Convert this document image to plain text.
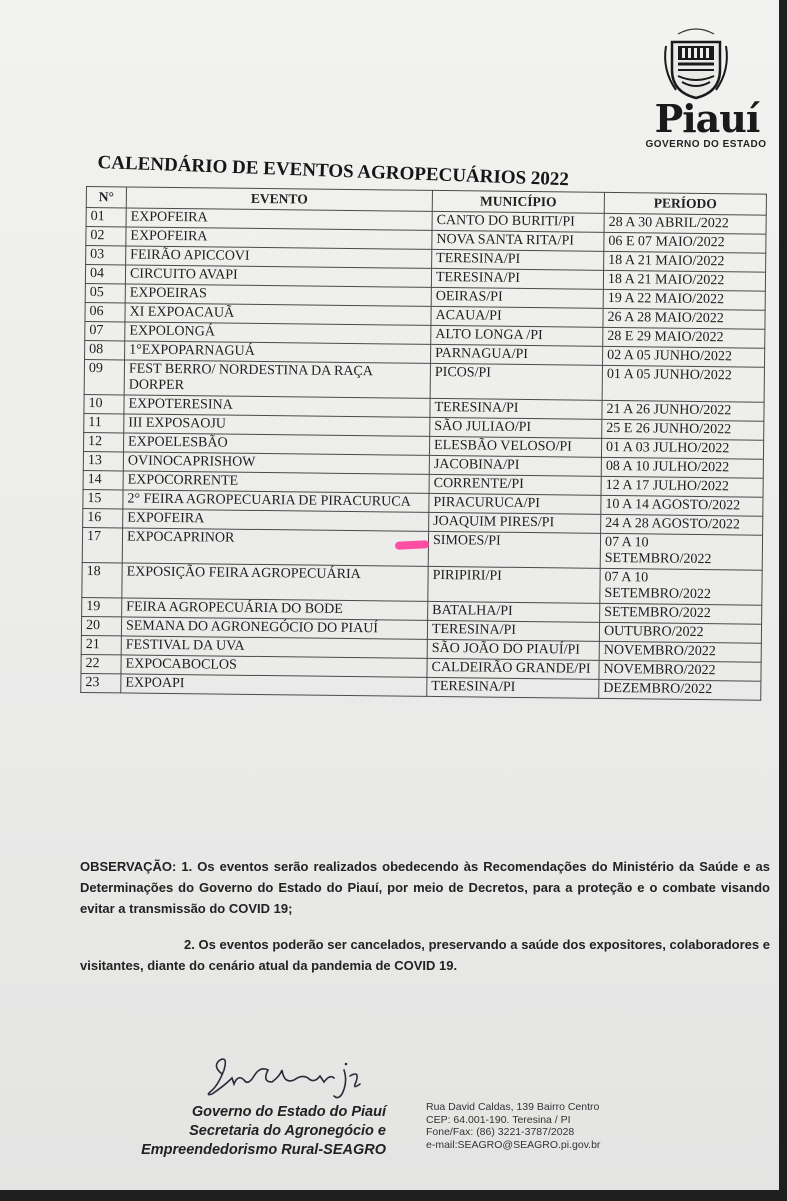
Piauí
GOVERNO DO ESTADO
CALENDÁRIO DE EVENTOS AGROPECUÁRIOS 2022
N°	EVENTO	MUNICÍPIO	PERÍODO
01	EXPOFEIRA	CANTO DO BURITI/PI	28 A 30 ABRIL/2022
02	EXPOFEIRA	NOVA SANTA RITA/PI	06 E 07 MAIO/2022
03	FEIRÃO APICCOVI	TERESINA/PI	18 A 21 MAIO/2022
04	CIRCUITO AVAPI	TERESINA/PI	18 A 21 MAIO/2022
05	EXPOEIRAS	OEIRAS/PI	19 A 22 MAIO/2022
06	XI EXPOACAUÃ	ACAUA/PI	26 A 28 MAIO/2022
07	EXPOLONGÁ	ALTO LONGA /PI	28 E 29 MAIO/2022
08	1°EXPOPARNAGUÁ	PARNAGUA/PI	02 A 05 JUNHO/2022
09	FEST BERRO/ NORDESTINA DA RAÇA DORPER	PICOS/PI	01 A 05 JUNHO/2022
10	EXPOTERESINA	TERESINA/PI	21 A 26 JUNHO/2022
11	III EXPOSAOJU	SÃO JULIAO/PI	25 E 26 JUNHO/2022
12	EXPOELESBÃO	ELESBÃO VELOSO/PI	01 A 03 JULHO/2022
13	OVINOCAPRISHOW	JACOBINA/PI	08 A 10 JULHO/2022
14	EXPOCORRENTE	CORRENTE/PI	12 A 17 JULHO/2022
15	2° FEIRA AGROPECUARIA DE PIRACURUCA	PIRACURUCA/PI	10 A 14 AGOSTO/2022
16	EXPOFEIRA	JOAQUIM PIRES/PI	24 A 28 AGOSTO/2022
17	EXPOCAPRINOR	SIMOES/PI	07 A 10 SETEMBRO/2022
18	EXPOSIÇÃO FEIRA AGROPECUÁRIA	PIRIPIRI/PI	07 A 10 SETEMBRO/2022
19	FEIRA AGROPECUÁRIA DO BODE	BATALHA/PI	SETEMBRO/2022
20	SEMANA DO AGRONEGÓCIO DO PIAUÍ	TERESINA/PI	OUTUBRO/2022
21	FESTIVAL DA UVA	SÃO JOÃO DO PIAUÍ/PI	NOVEMBRO/2022
22	EXPOCABOCLOS	CALDEIRÃO GRANDE/PI	NOVEMBRO/2022
23	EXPOAPI	TERESINA/PI	DEZEMBRO/2022
OBSERVAÇÃO: 1. Os eventos serão realizados obedecendo às Recomendações do Ministério da Saúde e as Determinações do Governo do Estado do Piauí, por meio de Decretos, para a proteção e o combate visando evitar a transmissão do COVID 19;
2. Os eventos poderão ser cancelados, preservando a saúde dos expositores, colaboradores e visitantes, diante do cenário atual da pandemia de COVID 19.
Governo do Estado do Piauí
Secretaria do Agronegócio e
Empreendedorismo Rural-SEAGRO
Rua David Caldas, 139 Bairro Centro
CEP: 64.001-190. Teresina / PI
Fone/Fax: (86) 3221-3787/2028
e-mail:SEAGRO@SEAGRO.pi.gov.br
